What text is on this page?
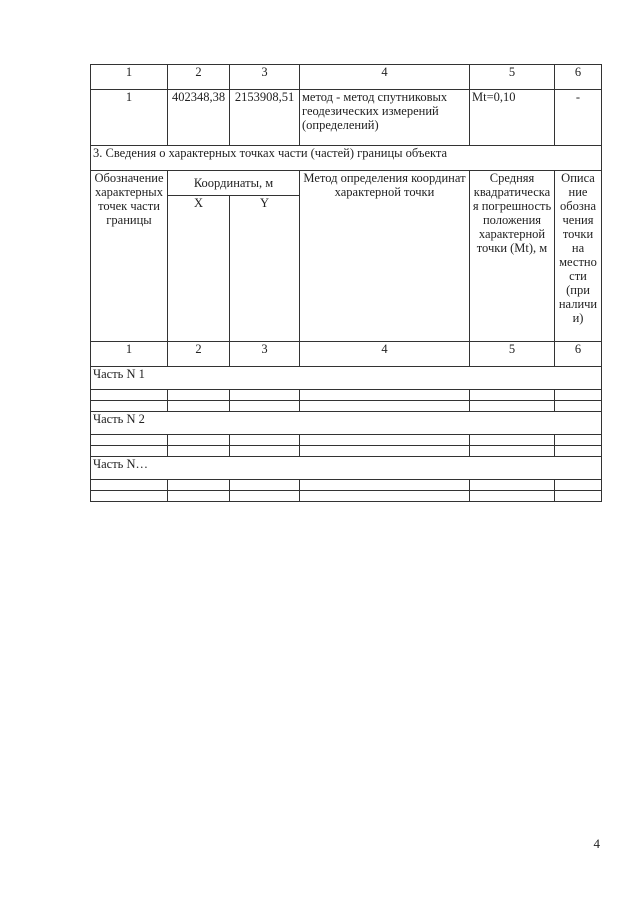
1	2	3	4	5	6
1	402348,38	2153908,51	метод - метод спутниковых геодезических измерений (определений)	Mt=0,10	-
3. Сведения о характерных точках части (частей) границы объекта					
Обозначение характерных точек части границы	Координаты, м		Метод определения координат характерной точки	Средняя квадратическа я погрешность положения характерной точки (Mt), м	Описа ние обозна чения точки на местно сти (при наличи и)
	X	Y			
1	2	3	4	5	6
Часть N 1					

Часть N 2					

Часть N…					

4
